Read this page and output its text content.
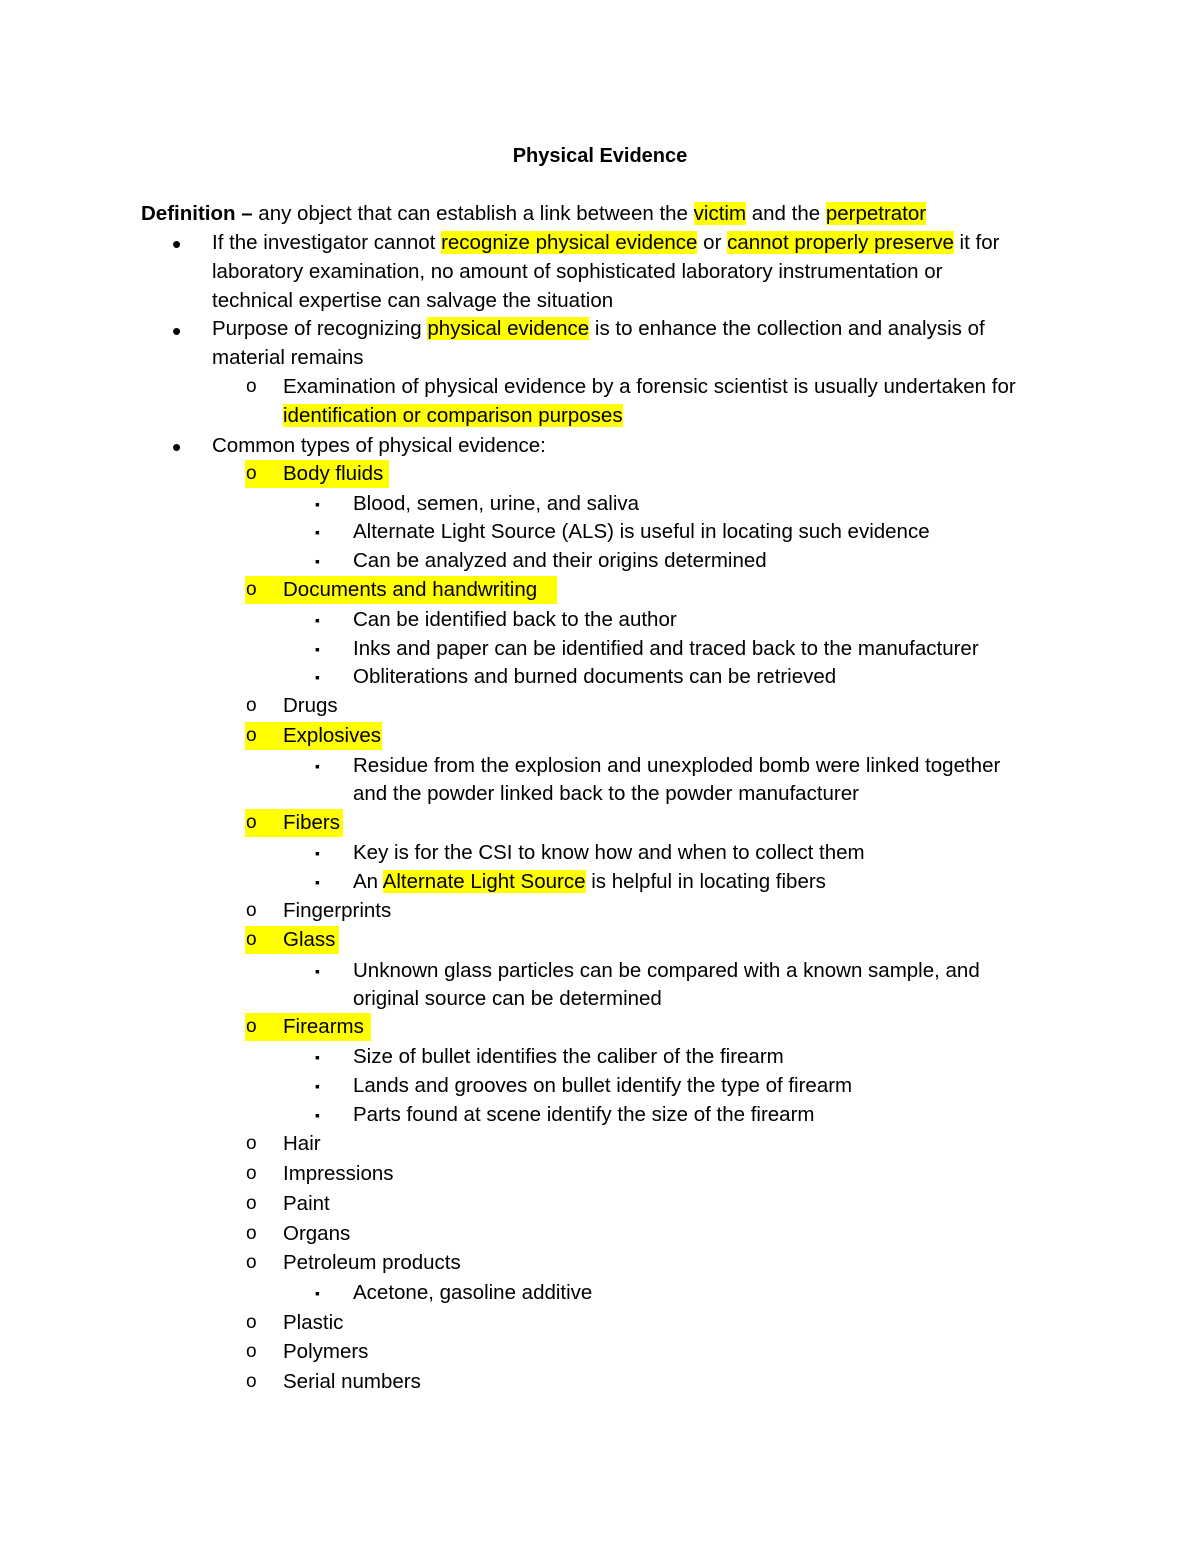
Physical Evidence
Definition – any object that can establish a link between the victim and the perpetrator
• If the investigator cannot recognize physical evidence or cannot properly preserve it for
laboratory examination, no amount of sophisticated laboratory instrumentation or
technical expertise can salvage the situation
• Purpose of recognizing physical evidence is to enhance the collection and analysis of
material remains
o Examination of physical evidence by a forensic scientist is usually undertaken for
identification or comparison purposes
• Common types of physical evidence:
o Body fluids
▪ Blood, semen, urine, and saliva
▪ Alternate Light Source (ALS) is useful in locating such evidence
▪ Can be analyzed and their origins determined
o Documents and handwriting
▪ Can be identified back to the author
▪ Inks and paper can be identified and traced back to the manufacturer
▪ Obliterations and burned documents can be retrieved
o Drugs
o Explosives
▪ Residue from the explosion and unexploded bomb were linked together
and the powder linked back to the powder manufacturer
o Fibers
▪ Key is for the CSI to know how and when to collect them
▪ An Alternate Light Source is helpful in locating fibers
o Fingerprints
o Glass
▪ Unknown glass particles can be compared with a known sample, and
original source can be determined
o Firearms
▪ Size of bullet identifies the caliber of the firearm
▪ Lands and grooves on bullet identify the type of firearm
▪ Parts found at scene identify the size of the firearm
o Hair
o Impressions
o Paint
o Organs
o Petroleum products
▪ Acetone, gasoline additive
o Plastic
o Polymers
o Serial numbers
